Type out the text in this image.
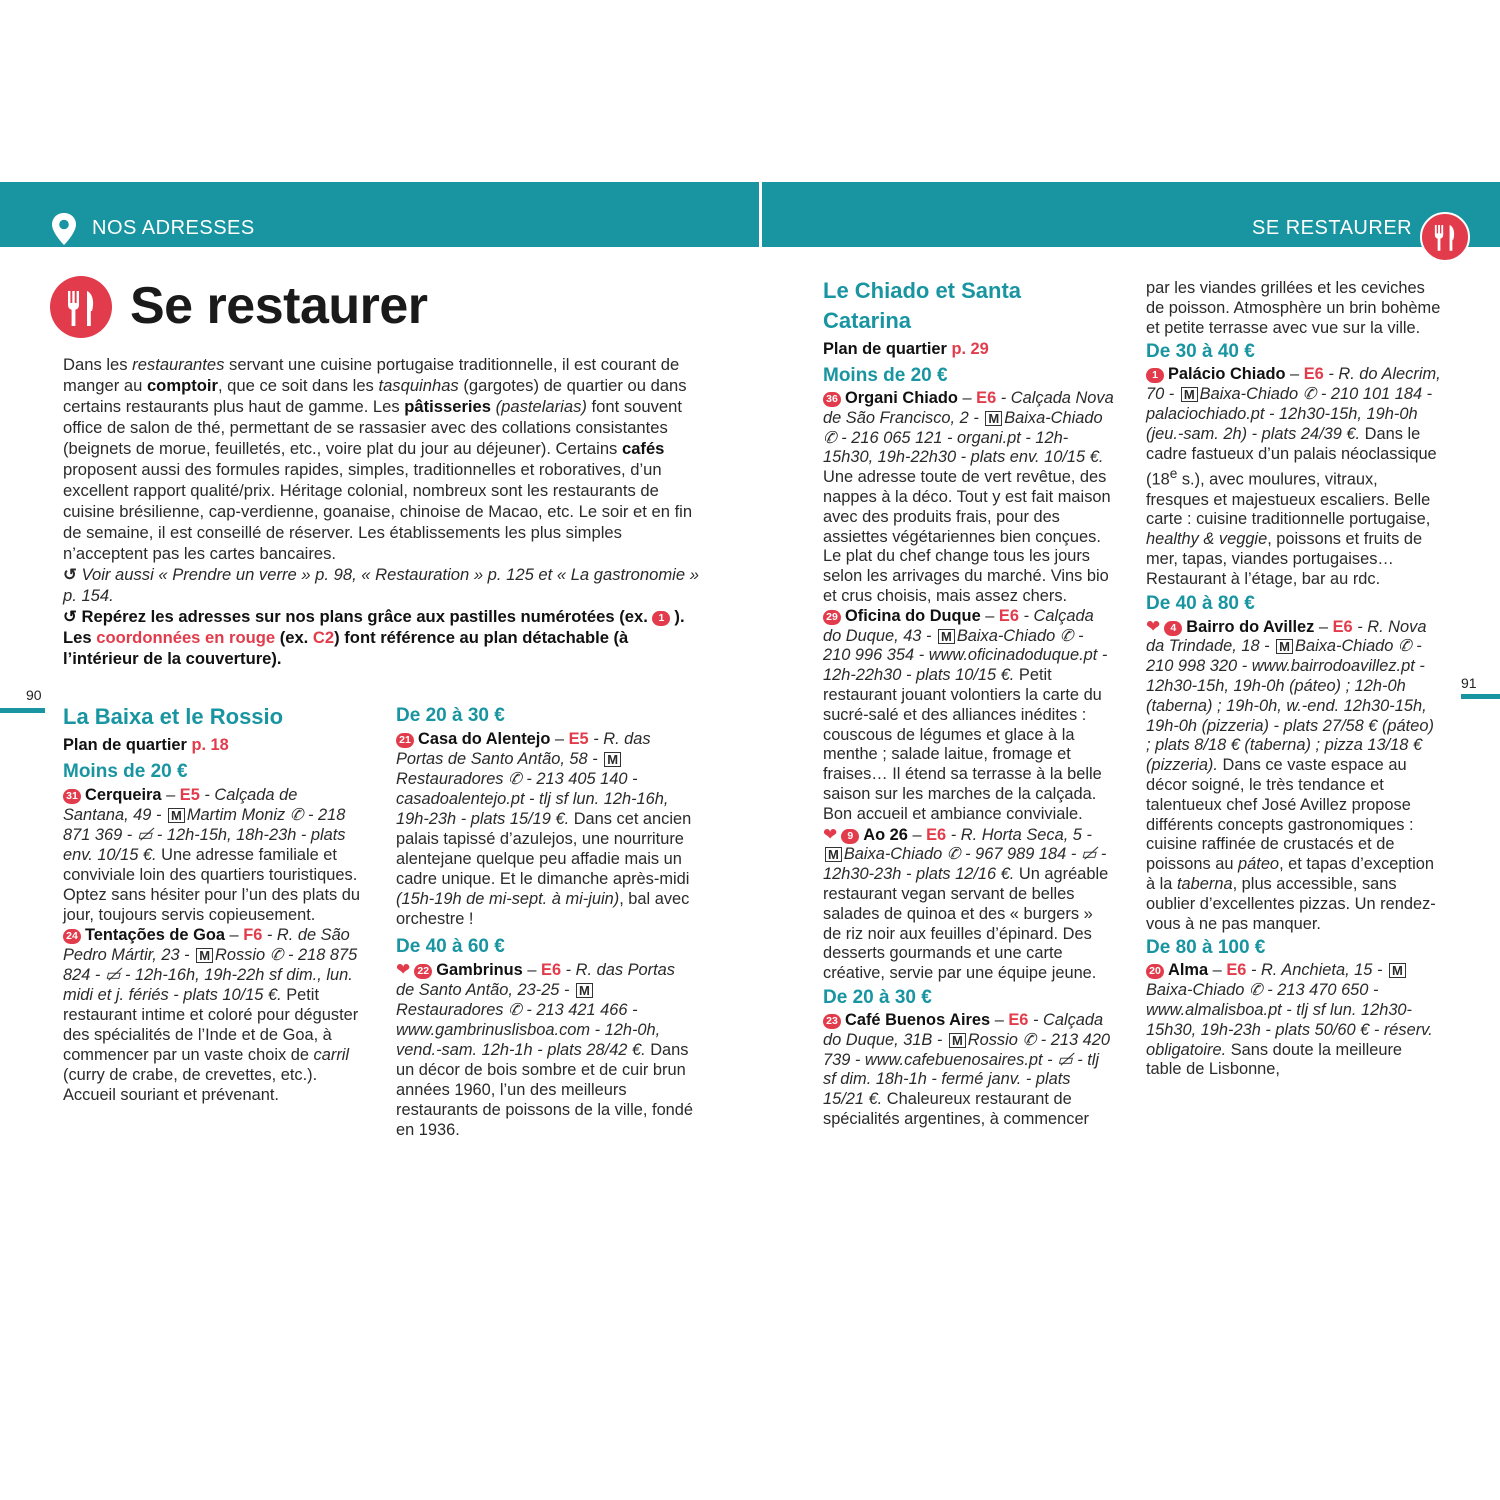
NOS ADRESSES	SE RESTAURER
Se restaurer
90
91

Dans les restaurantes servant une cuisine portugaise traditionnelle, il est courant de manger au comptoir, que ce soit dans les tasquinhas (gargotes) de quartier ou dans certains restaurants plus haut de gamme. Les pâtisseries (pastelarias) font souvent office de salon de thé, permettant de se rassasier avec des collations consistantes (beignets de morue, feuilletés, etc., voire plat du jour au déjeuner). Certains cafés proposent aussi des formules rapides, simples, traditionnelles et roboratives, d’un excellent rapport qualité/prix. Héritage colonial, nombreux sont les restaurants de cuisine brésilienne, cap-verdienne, goanaise, chinoise de Macao, etc. Le soir et en fin de semaine, il est conseillé de réserver. Les établissements les plus simples n’acceptent pas les cartes bancaires.

↺ Voir aussi « Prendre un verre » p. 98, « Restauration » p. 125 et « La gastronomie » p. 154.

↺ Repérez les adresses sur nos plans grâce aux pastilles numérotées (ex. 1 ).
Les coordonnées en rouge (ex. C2) font référence au plan détachable (à l’intérieur de la couverture).

La Baixa et le Rossio

Plan de quartier p. 18

Moins de 20 €

31 Cerqueira – E5 - Calçada de Santana, 49 - M Martim Moniz ✆ - 218 871 369 - ▭̸ - 12h-15h, 18h-23h - plats env. 10/15 €. Une adresse familiale et conviviale loin des quartiers touristiques. Optez sans hésiter pour l’un des plats du jour, toujours servis copieusement.

24 Tentações de Goa – F6 - R. de São Pedro Mártir, 23 - M Rossio ✆ - 218 875 824 - ▭̸ - 12h-16h, 19h-22h sf dim., lun. midi et j. fériés - plats 10/15 €. Petit restaurant intime et coloré pour déguster des spécialités de l’Inde et de Goa, à commencer par un vaste choix de carril (curry de crabe, de crevettes, etc.). Accueil souriant et prévenant.

De 20 à 30 €

21 Casa do Alentejo – E5 - R. das Portas de Santo Antão, 58 - MRestauradores ✆ - 213 405 140 - casadoalentejo.pt - tlj sf lun. 12h-16h, 19h-23h - plats 15/19 €. Dans cet ancien palais tapissé d’azulejos, une nourriture alentejane quelque peu affadie mais un cadre unique. Et le dimanche après-midi (15h-19h de mi-sept. à mi-juin), bal avec orchestre !

De 40 à 60 €

❤ 22 Gambrinus – E6 - R. das Portas de Santo Antão, 23-25 - MRestauradores ✆ - 213 421 466 - www.gambrinuslisboa.com - 12h-0h, vend.-sam. 12h-1h - plats 28/42 €. Dans un décor de bois sombre et de cuir brun années 1960, l’un des meilleurs restaurants de poissons de la ville, fondé en 1936.

Le Chiado et Santa Catarina

Plan de quartier p. 29

Moins de 20 €

36 Organi Chiado – E6 - Calçada Nova de São Francisco, 2 - M Baixa-Chiado ✆ - 216 065 121 - organi.pt - 12h-15h30, 19h-22h30 - plats env. 10/15 €. Une adresse toute de vert revêtue, des nappes à la déco. Tout y est fait maison avec des produits frais, pour des assiettes végétariennes bien conçues. Le plat du chef change tous les jours selon les arrivages du marché. Vins bio et crus choisis, mais assez chers.

29 Oficina do Duque – E6 - Calçada do Duque, 43 - M Baixa-Chiado ✆ - 210 996 354 - www.oficinadoduque.pt - 12h-22h30 - plats 10/15 €. Petit restaurant jouant volontiers la carte du sucré-salé et des alliances inédites : couscous de légumes et glace à la menthe ; salade laitue, fromage et fraises… Il étend sa terrasse à la belle saison sur les marches de la calçada. Bon accueil et ambiance conviviale.

❤ 9 Ao 26 – E6 - R. Horta Seca, 5 - M Baixa-Chiado ✆ - 967 989 184 - ▭̸ - 12h30-23h - plats 12/16 €. Un agréable restaurant vegan servant de belles salades de quinoa et des « burgers » de riz noir aux feuilles d’épinard. Des desserts gourmands et une carte créative, servie par une équipe jeune.

De 20 à 30 €

23 Café Buenos Aires – E6 - Calçada do Duque, 31B - M Rossio ✆ - 213 420 739 - www.cafebuenosaires.pt - ▭̸ - tlj sf dim. 18h-1h - fermé janv. - plats 15/21 €. Chaleureux restaurant de spécialités argentines, à commencer

par les viandes grillées et les ceviches de poisson. Atmosphère un brin bohème et petite terrasse avec vue sur la ville.

De 30 à 40 €

1 Palácio Chiado – E6 - R. do Alecrim, 70 - M Baixa-Chiado ✆ - 210 101 184 - palaciochiado.pt - 12h30-15h, 19h-0h (jeu.-sam. 2h) - plats 24/39 €. Dans le cadre fastueux d’un palais néoclassique (18e s.), avec moulures, vitraux, fresques et majestueux escaliers. Belle carte : cuisine traditionnelle portugaise, healthy & veggie, poissons et fruits de mer, tapas, viandes portugaises… Restaurant à l’étage, bar au rdc.

De 40 à 80 €

❤ 4 Bairro do Avillez – E6 - R. Nova da Trindade, 18 - M Baixa-Chiado ✆ - 210 998 320 - www.bairrodoavillez.pt - 12h30-15h, 19h-0h (páteo) ; 12h-0h (taberna) ; 19h-0h, w.-end. 12h30-15h, 19h-0h (pizzeria) - plats 27/58 € (páteo) ; plats 8/18 € (taberna) ; pizza 13/18 € (pizzeria). Dans ce vaste espace au décor soigné, le très tendance et talentueux chef José Avillez propose différents concepts gastronomiques : cuisine raffinée de crustacés et de poissons au páteo, et tapas d’exception à la taberna, plus accessible, sans oublier d’excellentes pizzas. Un rendez-vous à ne pas manquer.

De 80 à 100 €

20 Alma – E6 - R. Anchieta, 15 - MBaixa-Chiado ✆ - 213 470 650 - www.almalisboa.pt - tlj sf lun. 12h30-15h30, 19h-23h - plats 50/60 € - réserv. obligatoire. Sans doute la meilleure table de Lisbonne,
